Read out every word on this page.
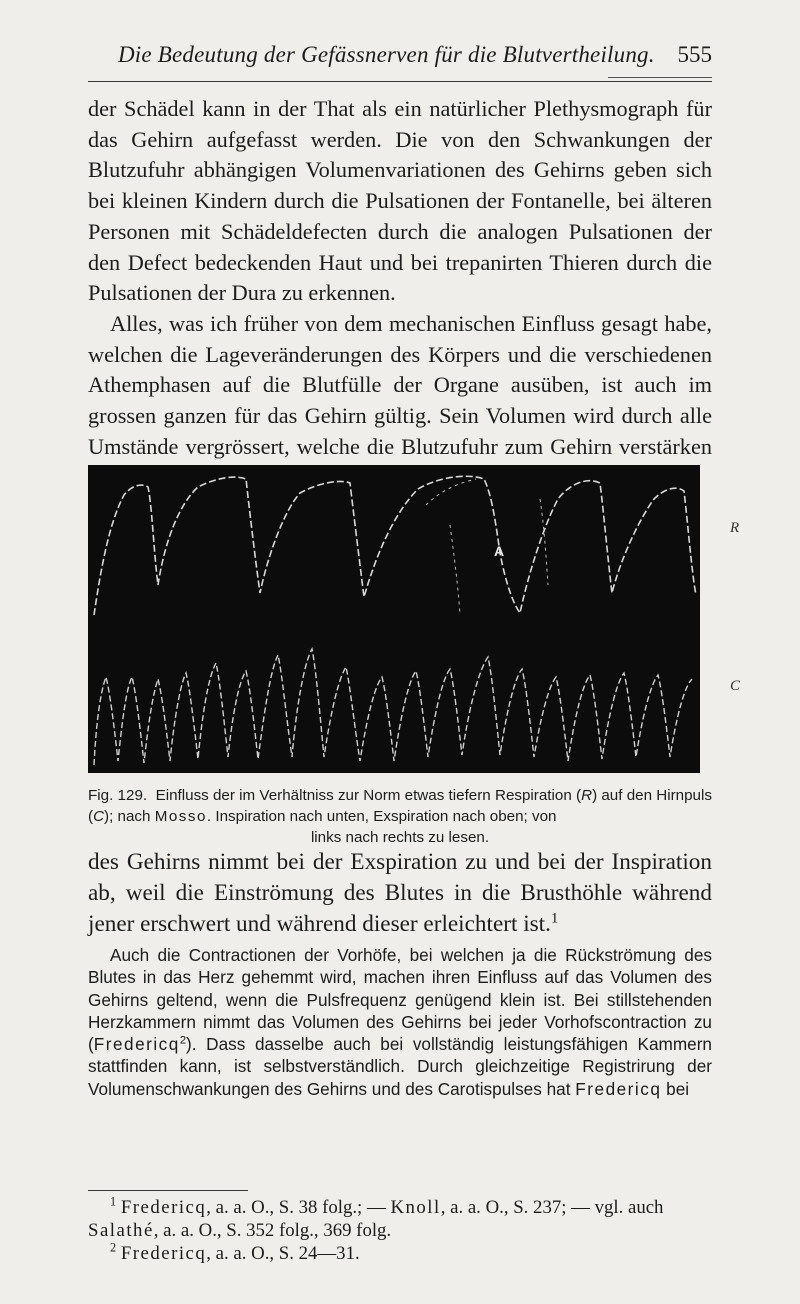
Die Bedeutung der Gefässnerven für die Blutvertheilung. 555

der Schädel kann in der That als ein natürlicher Plethysmograph für das Gehirn aufgefasst werden. Die von den Schwankungen der Blutzufuhr abhängigen Volumenvariationen des Gehirns geben sich bei kleinen Kindern durch die Pulsationen der Fontanelle, bei älteren Personen mit Schädeldefecten durch die analogen Pulsationen der den Defect bedeckenden Haut und bei trepanirten Thieren durch die Pulsationen der Dura zu erkennen.

Alles, was ich früher von dem mechanischen Einfluss gesagt habe, welchen die Lageveränderungen des Körpers und die verschiedenen Athemphasen auf die Blutfülle der Organe ausüben, ist auch im grossen ganzen für das Gehirn gültig. Sein Volumen wird durch alle Umstände vergrössert, welche die Blutzufuhr zum Gehirn verstärken

A
R
C
Fig. 129. Einfluss der im Verhältniss zur Norm etwas tiefern Respiration (R) auf den Hirnpuls (C); nach Mosso. Inspiration nach unten, Exspiration nach oben; von
links nach rechts zu lesen.

des Gehirns nimmt bei der Exspiration zu und bei der Inspiration ab, weil die Einströmung des Blutes in die Brusthöhle während jener erschwert und während dieser erleichtert ist.$^1$

Auch die Contractionen der Vorhöfe, bei welchen ja die Rückströmung des Blutes in das Herz gehemmt wird, machen ihren Einfluss auf das Volumen des Gehirns geltend, wenn die Pulsfrequenz genügend klein ist. Bei stillstehenden Herzkammern nimmt das Volumen des Gehirns bei jeder Vorhofscontraction zu (Fredericq$^2$). Dass dasselbe auch bei vollständig leistungsfähigen Kammern stattfinden kann, ist selbstverständlich. Durch gleichzeitige Registrirung der Volumenschwankungen des Gehirns und des Carotispulses hat Fredericq bei

$^1$ Fredericq, a. a. O., S. 38 folg.; — Knoll, a. a. O., S. 237; — vgl. auch Salathé, a. a. O., S. 352 folg., 369 folg.

$^2$ Fredericq, a. a. O., S. 24—31.
